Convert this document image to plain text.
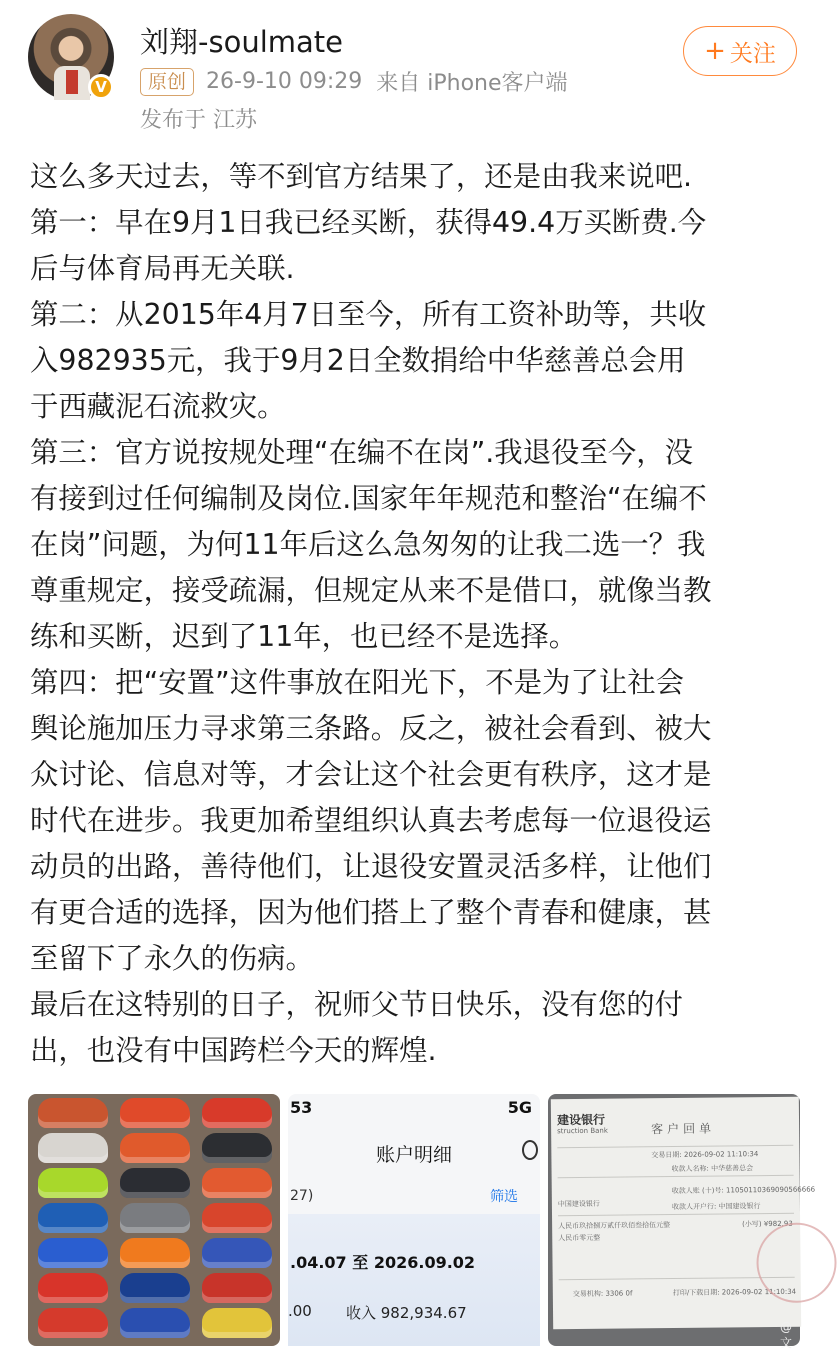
V
刘翔-soulmate
原创 26-9-10 09:29 来自 iPhone客户端
发布于 江苏
+ 关注

这么多天过去，等不到官方结果了，还是由我来说吧.

第一：早在9月1日我已经买断，获得49.4万买断费.今

后与体育局再无关联.

第二：从2015年4月7日至今，所有工资补助等，共收

入982935元，我于9月2日全数捐给中华慈善总会用

于西藏泥石流救灾。

第三：官方说按规处理“在编不在岗”.我退役至今，没

有接到过任何编制及岗位.国家年年规范和整治“在编不

在岗”问题，为何11年后这么急匆匆的让我二选一？我

尊重规定，接受疏漏，但规定从来不是借口，就像当教

练和买断，迟到了11年，也已经不是选择。

第四：把“安置”这件事放在阳光下，不是为了让社会

舆论施加压力寻求第三条路。反之，被社会看到、被大

众讨论、信息对等，才会让这个社会更有秩序，这才是

时代在进步。我更加希望组织认真去考虑每一位退役运

动员的出路，善待他们，让退役安置灵活多样，让他们

有更合适的选择，因为他们搭上了整个青春和健康，甚

至留下了永久的伤病。

最后在这特别的日子，祝师父节日快乐，没有您的付

出，也没有中国跨栏今天的辉煌.

53	5G
账户明细
27)	筛选
.04.07 至 2026.09.02
.00 收入 982,934.67
建设银行
struction Bank	客户回单
交易日期: 2026-09-02 11:10:34
收款人名称: 中华慈善总会
收款人账 (十)号: 11050110369090566666
中国建设银行	收款人开户行: 中国建设银行
人民币玖拾捌万贰仟玖佰叁拾伍元整	(小写) ¥982,93
人民币零元整
交易机构: 3306 0f	打印/下载日期: 2026-09-02 11:10:34
@文
